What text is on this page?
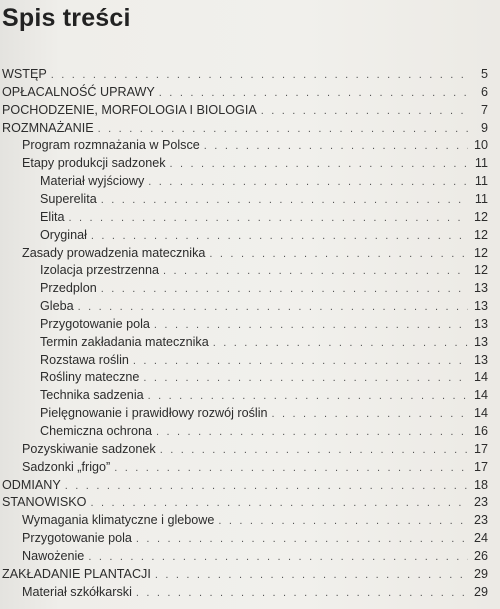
Spis treści
WSTĘP . . .	5
OPŁACALNOŚĆ UPRAWY . . .	6
POCHODZENIE, MORFOLOGIA I BIOLOGIA . . .	7
ROZMNAŻANIE . . .	9
Program rozmnażania w Polsce . . .	10
Etapy produkcji sadzonek . . .	11
Materiał wyjściowy . . .	11
Superelita . . .	11
Elita . . .	12
Oryginał . . .	12
Zasady prowadzenia matecznika . . .	12
Izolacja przestrzenna . . .	12
Przedplon . . .	13
Gleba . . .	13
Przygotowanie pola . . .	13
Termin zakładania matecznika . . .	13
Rozstawa roślin . . .	13
Rośliny mateczne . . .	14
Technika sadzenia . . .	14
Pielęgnowanie i prawidłowy rozwój roślin . . .	14
Chemiczna ochrona . . .	16
Pozyskiwanie sadzonek . . .	17
Sadzonki „frigo” . . .	17
ODMIANY . . .	18
STANOWISKO . . .	23
Wymagania klimatyczne i glebowe . . .	23
Przygotowanie pola . . .	24
Nawożenie . . .	26
ZAKŁADANIE PLANTACJI . . .	29
Materiał szkółkarski . . .	29
